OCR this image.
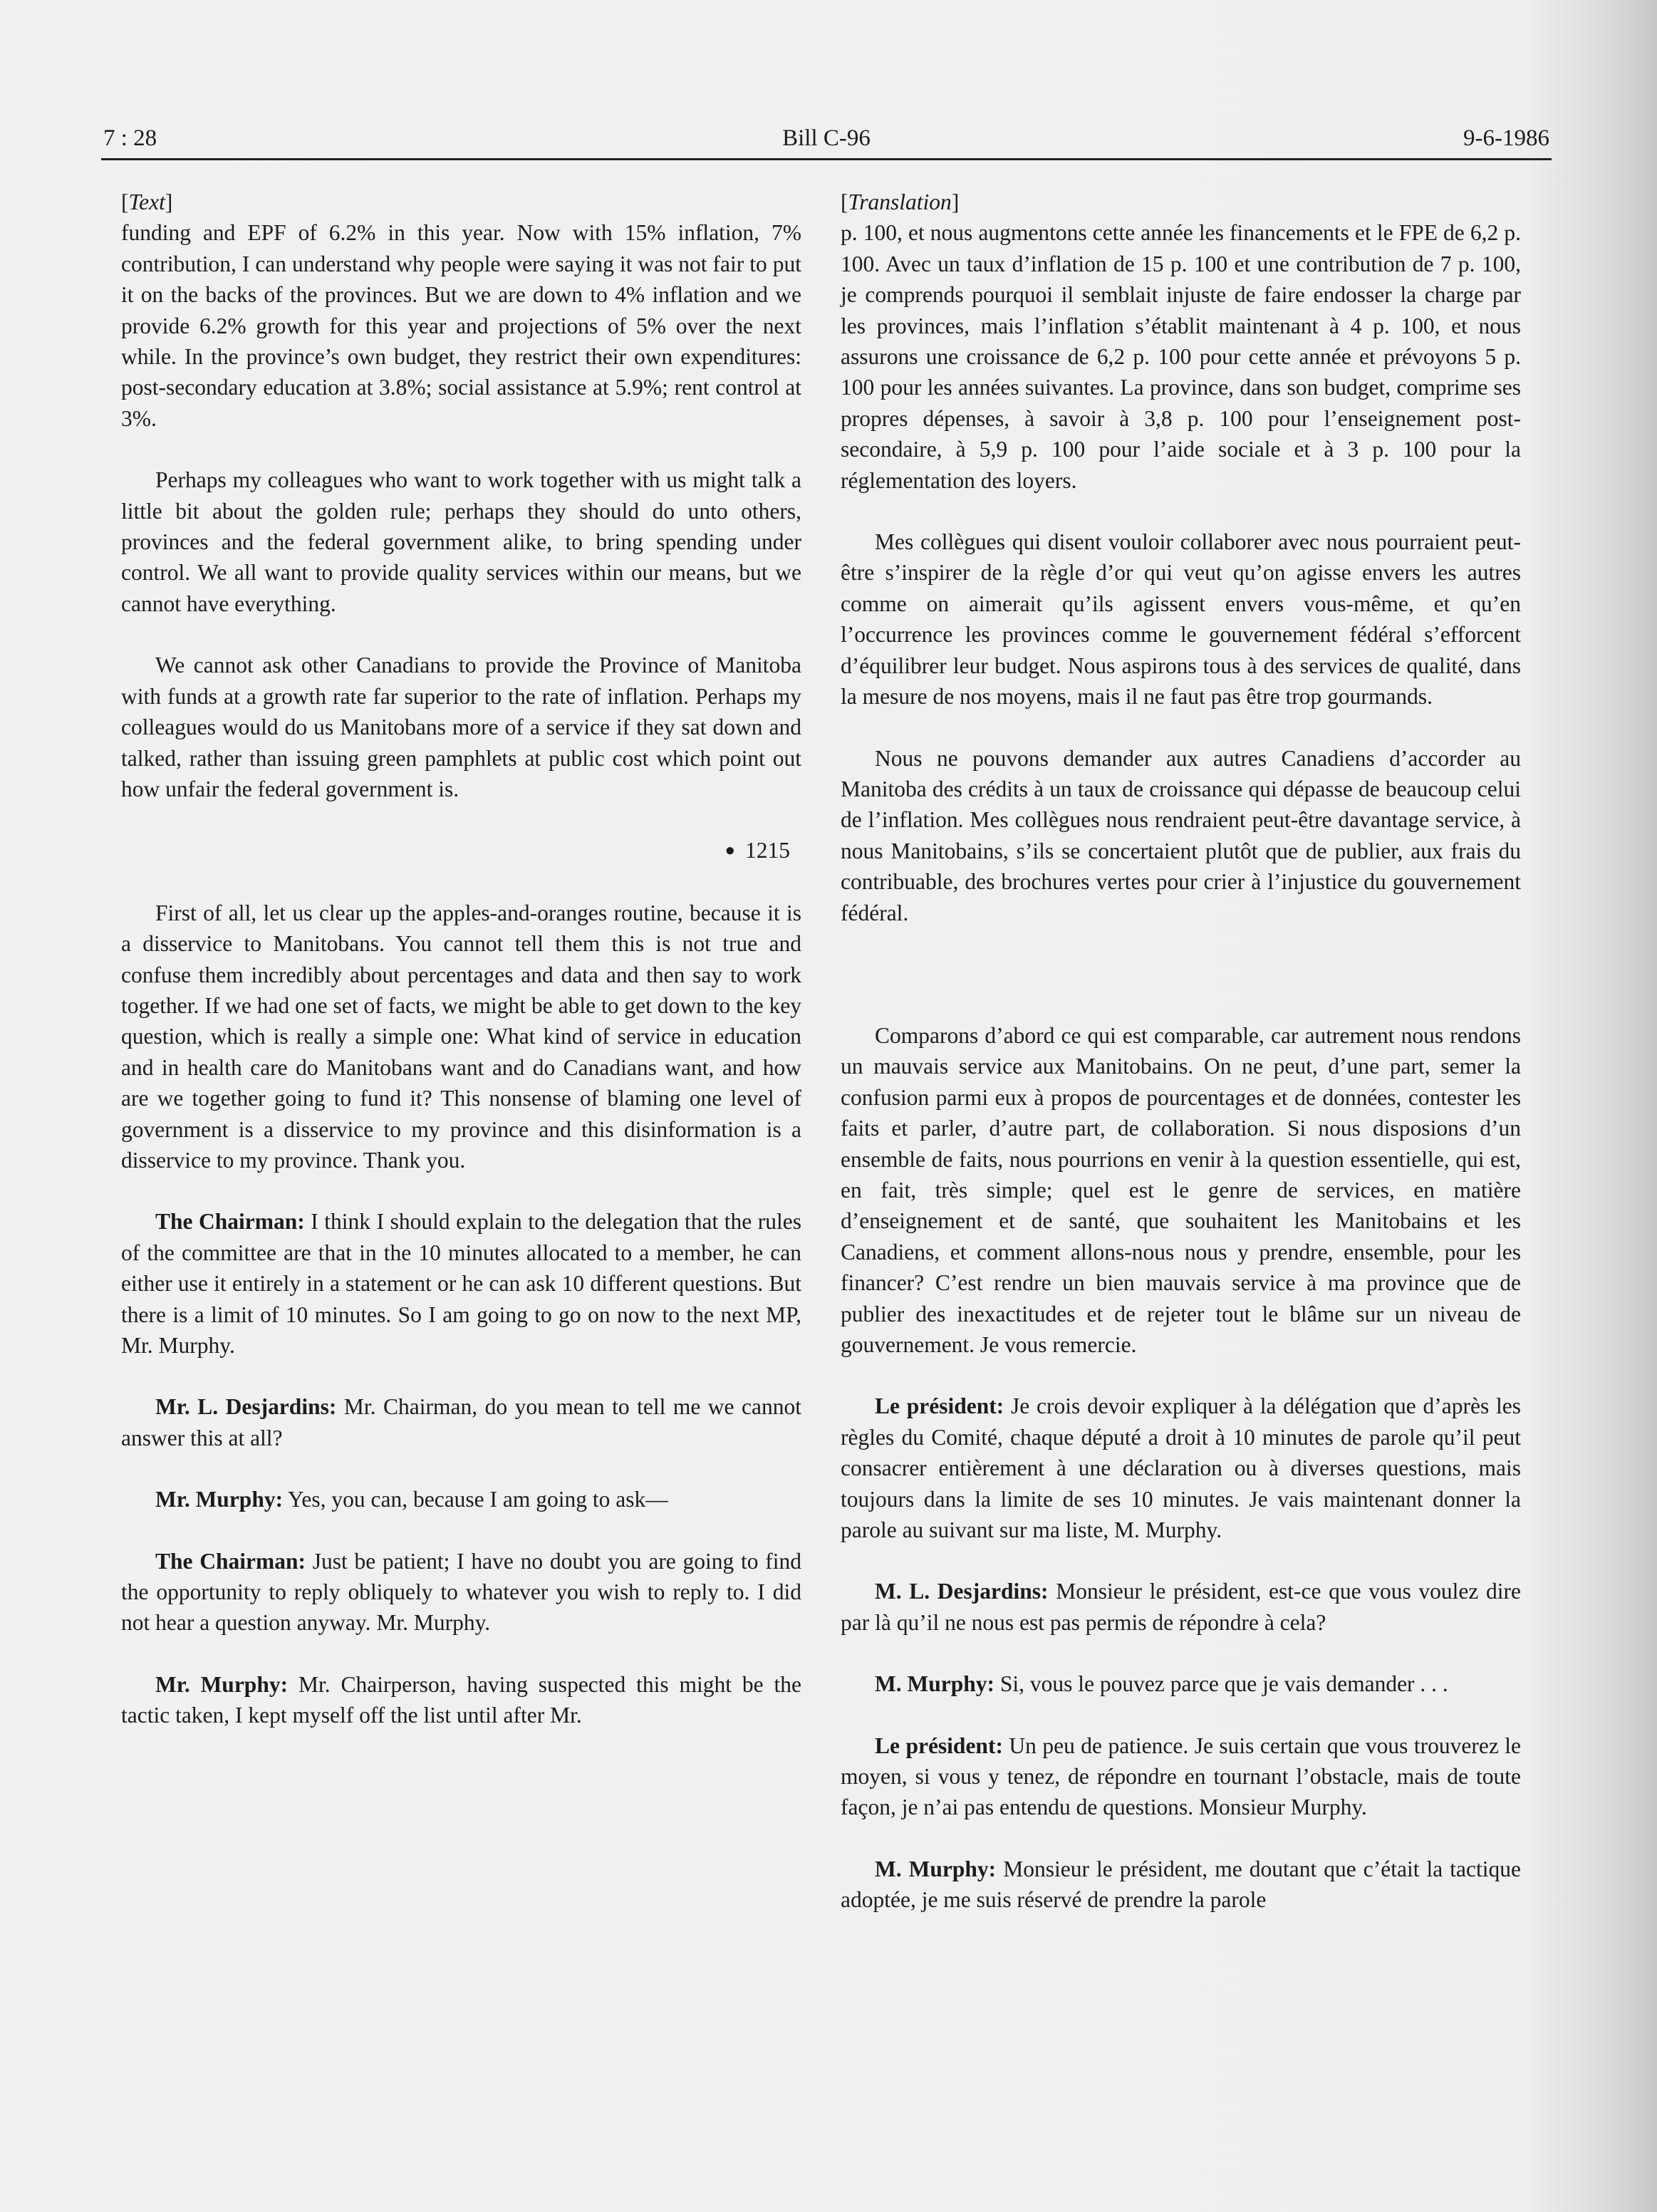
7 : 28	Bill C-96	9-6-1986
[Text]

funding and EPF of 6.2% in this year. Now with 15% inflation, 7% contribution, I can understand why people were saying it was not fair to put it on the backs of the provinces. But we are down to 4% inflation and we provide 6.2% growth for this year and projections of 5% over the next while. In the province’s own budget, they restrict their own expenditures: post-secondary education at 3.8%; social assistance at 5.9%; rent control at 3%.

Perhaps my colleagues who want to work together with us might talk a little bit about the golden rule; perhaps they should do unto others, provinces and the federal government alike, to bring spending under control. We all want to provide quality services within our means, but we cannot have everything.

We cannot ask other Canadians to provide the Province of Manitoba with funds at a growth rate far superior to the rate of inflation. Perhaps my colleagues would do us Manitobans more of a service if they sat down and talked, rather than issuing green pamphlets at public cost which point out how unfair the federal government is.

● 1215

First of all, let us clear up the apples-and-oranges routine, because it is a disservice to Manitobans. You cannot tell them this is not true and confuse them incredibly about percentages and data and then say to work together. If we had one set of facts, we might be able to get down to the key question, which is really a simple one: What kind of service in education and in health care do Manitobans want and do Canadians want, and how are we together going to fund it? This nonsense of blaming one level of government is a disservice to my province and this disinformation is a disservice to my province. Thank you.

The Chairman: I think I should explain to the delegation that the rules of the committee are that in the 10 minutes allocated to a member, he can either use it entirely in a statement or he can ask 10 different questions. But there is a limit of 10 minutes. So I am going to go on now to the next MP, Mr. Murphy.

Mr. L. Desjardins: Mr. Chairman, do you mean to tell me we cannot answer this at all?

Mr. Murphy: Yes, you can, because I am going to ask—

The Chairman: Just be patient; I have no doubt you are going to find the opportunity to reply obliquely to whatever you wish to reply to. I did not hear a question anyway. Mr. Murphy.

Mr. Murphy: Mr. Chairperson, having suspected this might be the tactic taken, I kept myself off the list until after Mr.

[Translation]

p. 100, et nous augmentons cette année les financements et le FPE de 6,2 p. 100. Avec un taux d’inflation de 15 p. 100 et une contribution de 7 p. 100, je comprends pourquoi il semblait injuste de faire endosser la charge par les provinces, mais l’inflation s’établit maintenant à 4 p. 100, et nous assurons une croissance de 6,2 p. 100 pour cette année et prévoyons 5 p. 100 pour les années suivantes. La province, dans son budget, comprime ses propres dépenses, à savoir à 3,8 p. 100 pour l’enseignement post-secondaire, à 5,9 p. 100 pour l’aide sociale et à 3 p. 100 pour la réglementation des loyers.

Mes collègues qui disent vouloir collaborer avec nous pourraient peut-être s’inspirer de la règle d’or qui veut qu’on agisse envers les autres comme on aimerait qu’ils agissent envers vous-même, et qu’en l’occurrence les provinces comme le gouvernement fédéral s’efforcent d’équilibrer leur budget. Nous aspirons tous à des services de qualité, dans la mesure de nos moyens, mais il ne faut pas être trop gourmands.

Nous ne pouvons demander aux autres Canadiens d’accorder au Manitoba des crédits à un taux de croissance qui dépasse de beaucoup celui de l’inflation. Mes collègues nous rendraient peut-être davantage service, à nous Manitobains, s’ils se concertaient plutôt que de publier, aux frais du contribuable, des brochures vertes pour crier à l’injustice du gouvernement fédéral.

Comparons d’abord ce qui est comparable, car autrement nous rendons un mauvais service aux Manitobains. On ne peut, d’une part, semer la confusion parmi eux à propos de pourcentages et de données, contester les faits et parler, d’autre part, de collaboration. Si nous disposions d’un ensemble de faits, nous pourrions en venir à la question essentielle, qui est, en fait, très simple; quel est le genre de services, en matière d’enseignement et de santé, que souhaitent les Manitobains et les Canadiens, et comment allons-nous nous y prendre, ensemble, pour les financer? C’est rendre un bien mauvais service à ma province que de publier des inexactitudes et de rejeter tout le blâme sur un niveau de gouvernement. Je vous remercie.

Le président: Je crois devoir expliquer à la délégation que d’après les règles du Comité, chaque député a droit à 10 minutes de parole qu’il peut consacrer entièrement à une déclaration ou à diverses questions, mais toujours dans la limite de ses 10 minutes. Je vais maintenant donner la parole au suivant sur ma liste, M. Murphy.

M. L. Desjardins: Monsieur le président, est-ce que vous voulez dire par là qu’il ne nous est pas permis de répondre à cela?

M. Murphy: Si, vous le pouvez parce que je vais demander . . .

Le président: Un peu de patience. Je suis certain que vous trouverez le moyen, si vous y tenez, de répondre en tournant l’obstacle, mais de toute façon, je n’ai pas entendu de questions. Monsieur Murphy.

M. Murphy: Monsieur le président, me doutant que c’était la tactique adoptée, je me suis réservé de prendre la parole
